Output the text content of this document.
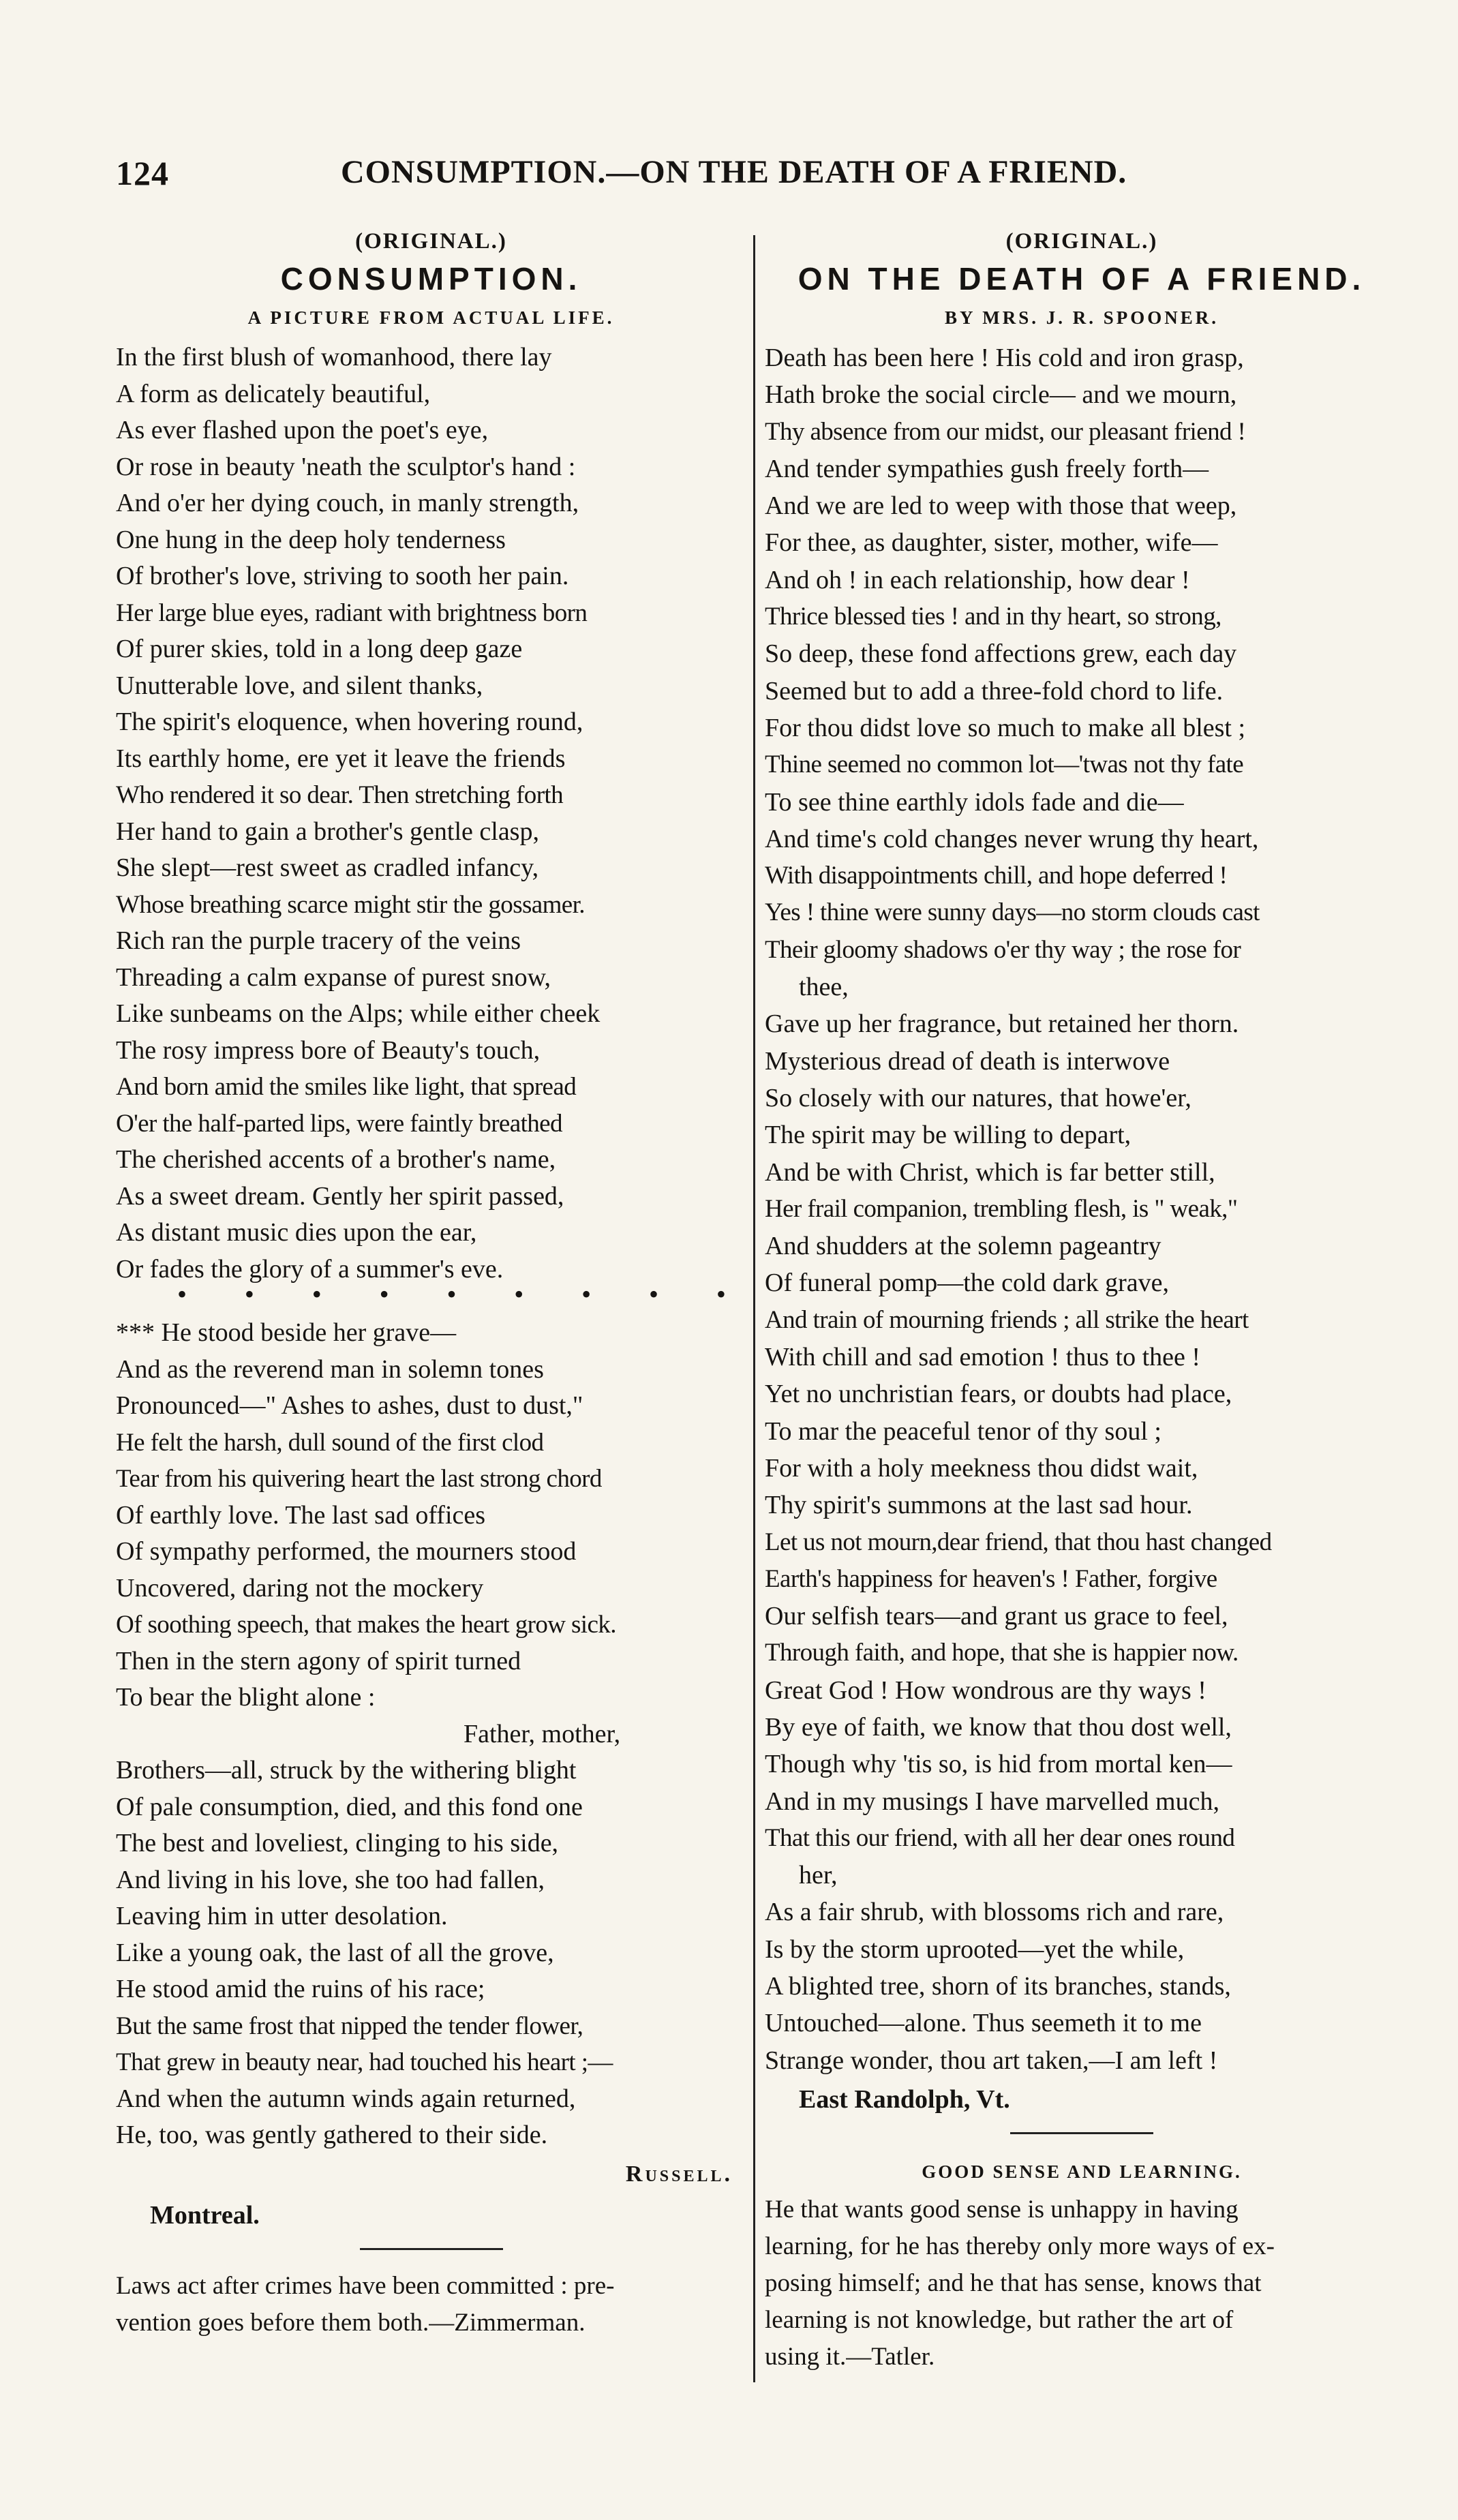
124	CONSUMPTION.—ON THE DEATH OF A FRIEND.
(ORIGINAL.)
CONSUMPTION.
A PICTURE FROM ACTUAL LIFE.
In the first blush of womanhood, there lay
A form as delicately beautiful,
As ever flashed upon the poet's eye,
Or rose in beauty 'neath the sculptor's hand :
And o'er her dying couch, in manly strength,
One hung in the deep holy tenderness
Of brother's love, striving to sooth her pain.
Her large blue eyes, radiant with brightness born
Of purer skies, told in a long deep gaze
Unutterable love, and silent thanks,
The spirit's eloquence, when hovering round,
Its earthly home, ere yet it leave the friends
Who rendered it so dear. Then stretching forth
Her hand to gain a brother's gentle clasp,
She slept—rest sweet as cradled infancy,
Whose breathing scarce might stir the gossamer.
Rich ran the purple tracery of the veins
Threading a calm expanse of purest snow,
Like sunbeams on the Alps; while either cheek
The rosy impress bore of Beauty's touch,
And born amid the smiles like light, that spread
O'er the half-parted lips, were faintly breathed
The cherished accents of a brother's name,
As a sweet dream. Gently her spirit passed,
As distant music dies upon the ear,
Or fades the glory of a summer's eve.
• • • • • • • • •
*** He stood beside her grave—
And as the reverend man in solemn tones
Pronounced—" Ashes to ashes, dust to dust,"
He felt the harsh, dull sound of the first clod
Tear from his quivering heart the last strong chord
Of earthly love. The last sad offices
Of sympathy performed, the mourners stood
Uncovered, daring not the mockery
Of soothing speech, that makes the heart grow sick.
Then in the stern agony of spirit turned
To bear the blight alone :
Father, mother,
Brothers—all, struck by the withering blight
Of pale consumption, died, and this fond one
The best and loveliest, clinging to his side,
And living in his love, she too had fallen,
Leaving him in utter desolation.
Like a young oak, the last of all the grove,
He stood amid the ruins of his race;
But the same frost that nipped the tender flower,
That grew in beauty near, had touched his heart ;—
And when the autumn winds again returned,
He, too, was gently gathered to their side.
Russell.
Montreal.
Laws act after crimes have been committed : pre-
vention goes before them both.—Zimmerman.
(ORIGINAL.)
ON THE DEATH OF A FRIEND.
BY MRS. J. R. SPOONER.
Death has been here ! His cold and iron grasp,
Hath broke the social circle— and we mourn,
Thy absence from our midst, our pleasant friend !
And tender sympathies gush freely forth—
And we are led to weep with those that weep,
For thee, as daughter, sister, mother, wife—
And oh ! in each relationship, how dear !
Thrice blessed ties ! and in thy heart, so strong,
So deep, these fond affections grew, each day
Seemed but to add a three-fold chord to life.
For thou didst love so much to make all blest ;
Thine seemed no common lot—'twas not thy fate
To see thine earthly idols fade and die—
And time's cold changes never wrung thy heart,
With disappointments chill, and hope deferred !
Yes ! thine were sunny days—no storm clouds cast
Their gloomy shadows o'er thy way ; the rose for
thee,
Gave up her fragrance, but retained her thorn.
Mysterious dread of death is interwove
So closely with our natures, that howe'er,
The spirit may be willing to depart,
And be with Christ, which is far better still,
Her frail companion, trembling flesh, is " weak,"
And shudders at the solemn pageantry
Of funeral pomp—the cold dark grave,
And train of mourning friends ; all strike the heart
With chill and sad emotion ! thus to thee !
Yet no unchristian fears, or doubts had place,
To mar the peaceful tenor of thy soul ;
For with a holy meekness thou didst wait,
Thy spirit's summons at the last sad hour.
Let us not mourn,dear friend, that thou hast changed
Earth's happiness for heaven's ! Father, forgive
Our selfish tears—and grant us grace to feel,
Through faith, and hope, that she is happier now.
Great God ! How wondrous are thy ways !
By eye of faith, we know that thou dost well,
Though why 'tis so, is hid from mortal ken—
And in my musings I have marvelled much,
That this our friend, with all her dear ones round
her,
As a fair shrub, with blossoms rich and rare,
Is by the storm uprooted—yet the while,
A blighted tree, shorn of its branches, stands,
Untouched—alone. Thus seemeth it to me
Strange wonder, thou art taken,—I am left !
East Randolph, Vt.
GOOD SENSE AND LEARNING.
He that wants good sense is unhappy in having
learning, for he has thereby only more ways of ex-
posing himself; and he that has sense, knows that
learning is not knowledge, but rather the art of
using it.—Tatler.
